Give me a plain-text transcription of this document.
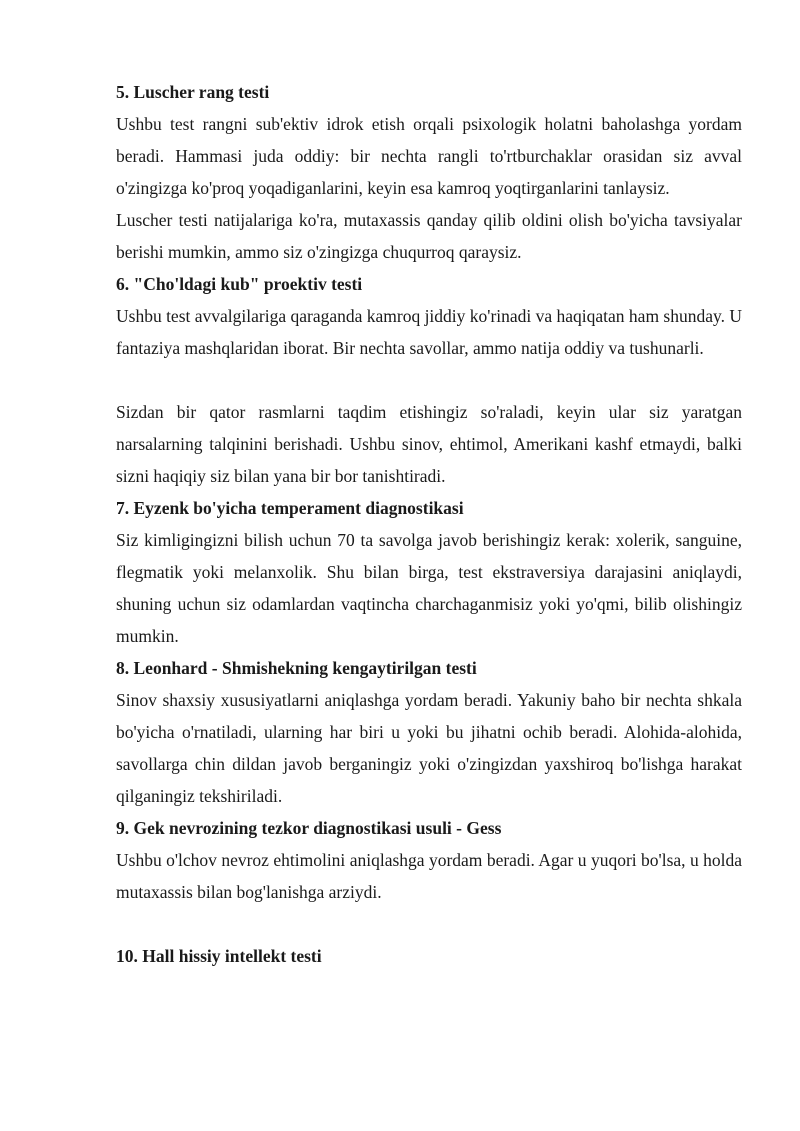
5. Luscher rang testi

Ushbu test rangni sub'ektiv idrok etish orqali psixologik holatni baholashga yordam beradi. Hammasi juda oddiy: bir nechta rangli to'rtburchaklar orasidan siz avval o'zingizga ko'proq yoqadiganlarini, keyin esa kamroq yoqtirganlarini tanlaysiz.

Luscher testi natijalariga ko'ra, mutaxassis qanday qilib oldini olish bo'yicha tavsiyalar berishi mumkin, ammo siz o'zingizga chuqurroq qaraysiz.

6. "Cho'ldagi kub" proektiv testi

Ushbu test avvalgilariga qaraganda kamroq jiddiy ko'rinadi va haqiqatan ham shunday. U fantaziya mashqlaridan iborat. Bir nechta savollar, ammo natija oddiy va tushunarli.

Sizdan bir qator rasmlarni taqdim etishingiz so'raladi, keyin ular siz yaratgan narsalarning talqinini berishadi. Ushbu sinov, ehtimol, Amerikani kashf etmaydi, balki sizni haqiqiy siz bilan yana bir bor tanishtiradi.

7. Eyzenk bo'yicha temperament diagnostikasi

Siz kimligingizni bilish uchun 70 ta savolga javob berishingiz kerak: xolerik, sanguine, flegmatik yoki melanxolik. Shu bilan birga, test ekstraversiya darajasini aniqlaydi, shuning uchun siz odamlardan vaqtincha charchaganmisiz yoki yo'qmi, bilib olishingiz mumkin.

8. Leonhard - Shmishekning kengaytirilgan testi

Sinov shaxsiy xususiyatlarni aniqlashga yordam beradi. Yakuniy baho bir nechta shkala bo'yicha o'rnatiladi, ularning har biri u yoki bu jihatni ochib beradi. Alohida-alohida, savollarga chin dildan javob berganingiz yoki o'zingizdan yaxshiroq bo'lishga harakat qilganingiz tekshiriladi.

9. Gek nevrozining tezkor diagnostikasi usuli - Gess

Ushbu o'lchov nevroz ehtimolini aniqlashga yordam beradi. Agar u yuqori bo'lsa, u holda mutaxassis bilan bog'lanishga arziydi.

10. Hall hissiy intellekt testi
